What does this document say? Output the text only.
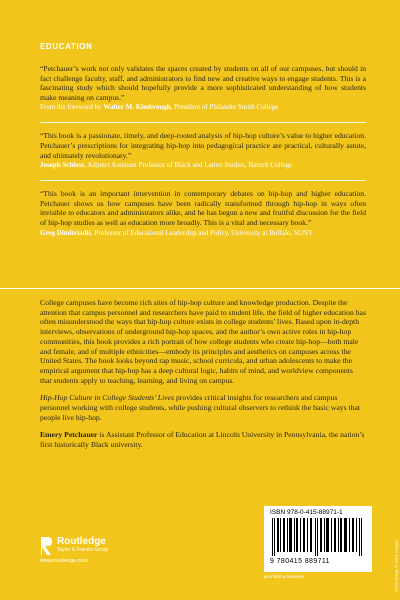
EDUCATION
“Petchauer’s work not only validates the spaces created by students on all of our campuses, but should in fact challenge faculty, staff, and administrators to find new and creative ways to engage students. This is a fascinating study which should hopefully provide a more sophisticated understanding of how students make meaning on campus.”
From the foreword by Walter M. Kimbrough, President of Philander Smith College
“This book is a passionate, timely, and deep-rooted analysis of hip-hop culture’s value to higher education. Petchauer’s prescriptions for integrating hip-hop into pedagogical practice are practical, culturally astute, and ultimately revolutionary.”
Joseph Schloss, Adjunct Assistant Professor of Black and Latino Studies, Baruch College
“This book is an important intervention in contemporary debates on hip-hop and higher education. Petchauer shows us how campuses have been radically transformed through hip-hop in ways often invisible to educators and administrators alike, and he has begun a new and fruitful discussion for the field of hip-hop studies as well as education more broadly. This is a vital and necessary book.”
Greg Dimitriadis, Professor of Educational Leadership and Policy, University at Buffalo, SUNY

College campuses have become rich sites of hip-hop culture and knowledge production. Despite the attention that campus personnel and researchers have paid to student life, the field of higher education has often misunderstood the ways that hip-hop culture exists in college students’ lives. Based upon in-depth interviews, observations of underground hip-hop spaces, and the author’s own active roles in hip-hop communities, this book provides a rich portrait of how college students who create hip-hop—both male and female, and of multiple ethnicities—embody its principles and aesthetics on campuses across the United States. The book looks beyond rap music, school curricula, and urban adolescents to make the empirical argument that hip-hop has a deep cultural logic, habits of mind, and worldview components that students apply to teaching, learning, and living on campus.

Hip-Hop Culture in College Students’ Lives provides critical insights for researchers and campus personnel working with college students, while pushing cultural observers to rethink the basic ways that people live hip-hop.

Emery Petchauer is Assistant Professor of Education at Lincoln University in Pennsylvania, the nation’s first historically Black university.

Routledge
Taylor & Francis Group
www.routledge.com
ISBN 978-0-415-88971-1
9 780415 889711
an informa business	Cover image © Getty Images
